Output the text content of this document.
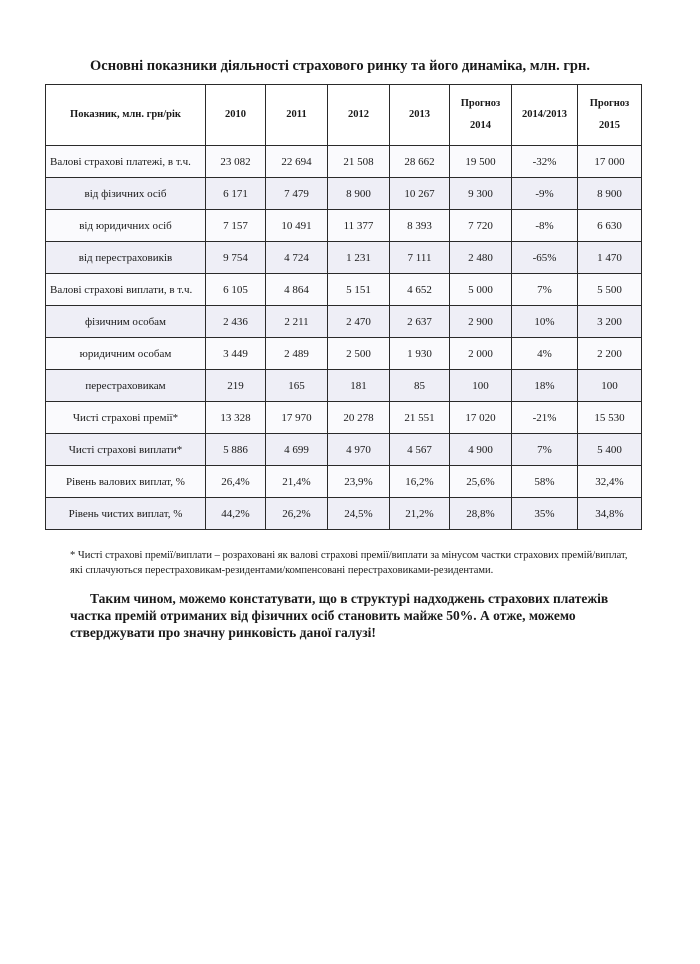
Основні показники діяльності страхового ринку та його динаміка, млн. грн.
Показник, млн. грн/рік	2010	2011	2012	2013	Прогноз 2014	2014/2013	Прогноз 2015
Валові страхові платежі, в т.ч.	23 082	22 694	21 508	28 662	19 500	-32%	17 000
від фізичних осіб	6 171	7 479	8 900	10 267	9 300	-9%	8 900
від юридичних осіб	7 157	10 491	11 377	8 393	7 720	-8%	6 630
від перестраховиків	9 754	4 724	1 231	7 111	2 480	-65%	1 470
Валові страхові виплати, в т.ч.	6 105	4 864	5 151	4 652	5 000	7%	5 500
фізичним особам	2 436	2 211	2 470	2 637	2 900	10%	3 200
юридичним особам	3 449	2 489	2 500	1 930	2 000	4%	2 200
перестраховикам	219	165	181	85	100	18%	100
Чисті страхові премії*	13 328	17 970	20 278	21 551	17 020	-21%	15 530
Чисті страхові виплати*	5 886	4 699	4 970	4 567	4 900	7%	5 400
Рівень валових виплат, %	26,4%	21,4%	23,9%	16,2%	25,6%	58%	32,4%
Рівень чистих виплат, %	44,2%	26,2%	24,5%	21,2%	28,8%	35%	34,8%
* Чисті страхові премії/виплати – розраховані як валові страхові премії/виплати за мінусом частки страхових премій/виплат, які сплачуються перестраховикам-резидентами/компенсовані перестраховиками-резидентами.
Таким чином, можемо констатувати, що в структурі надходжень страхових платежів частка премій отриманих від фізичних осіб становить майже 50%. А отже, можемо стверджувати про значну ринковість даної галузі!
